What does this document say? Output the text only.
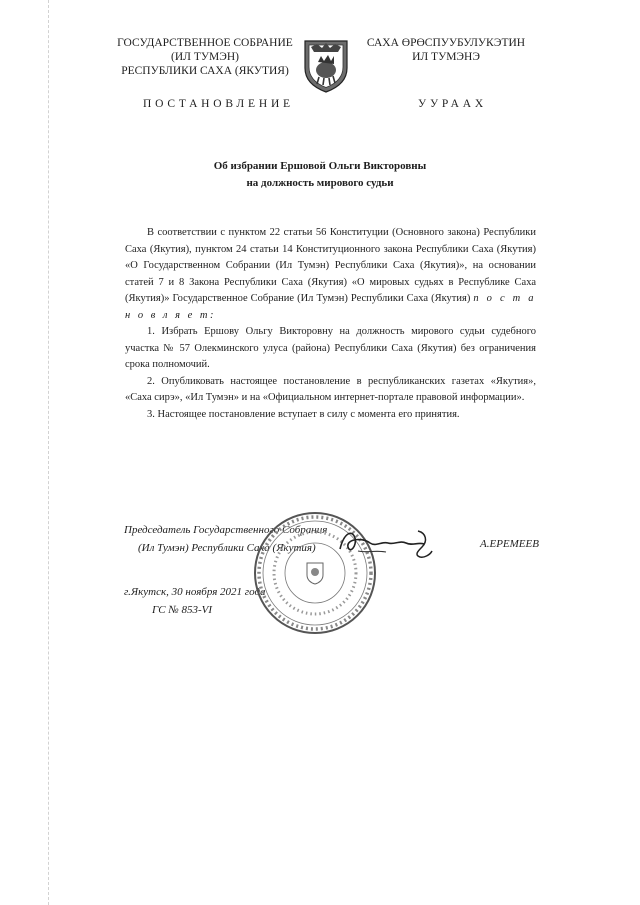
ГОСУДАРСТВЕННОЕ СОБРАНИЕ
(ИЛ ТУМЭН)
РЕСПУБЛИКИ САХА (ЯКУТИЯ)
САХА ӨРӨСПУУБУЛУКЭТИН
ИЛ ТУМЭНЭ
ПОСТАНОВЛЕНИЕ	УУРААХ
Об избрании Ершовой Ольги Викторовны
на должность мирового судьи

В соответствии с пунктом 22 статьи 56 Конституции (Основного закона) Республики Саха (Якутия), пунктом 24 статьи 14 Конституционного закона Республики Саха (Якутия) «О Государственном Собрании (Ил Тумэн) Республики Саха (Якутия)», на основании статей 7 и 8 Закона Республики Саха (Якутия) «О мировых судьях в Республике Саха (Якутия)» Государственное Собрание (Ил Тумэн) Республики Саха (Якутия) п о с т а н о в л я е т:

1. Избрать Ершову Ольгу Викторовну на должность мирового судьи судебного участка № 57 Олекминского улуса (района) Республики Саха (Якутия) без ограничения срока полномочий.

2. Опубликовать настоящее постановление в республиканских газетах «Якутия», «Саха сирэ», «Ил Тумэн» и на «Официальном интернет-портале правовой информации».

3. Настоящее постановление вступает в силу с момента его принятия.

Председатель Государственного Собрания
(Ил Тумэн) Республики Саха (Якутия)	А.ЕРЕМЕЕВ
г.Якутск, 30 ноября 2021 года
ГС № 853-VI
